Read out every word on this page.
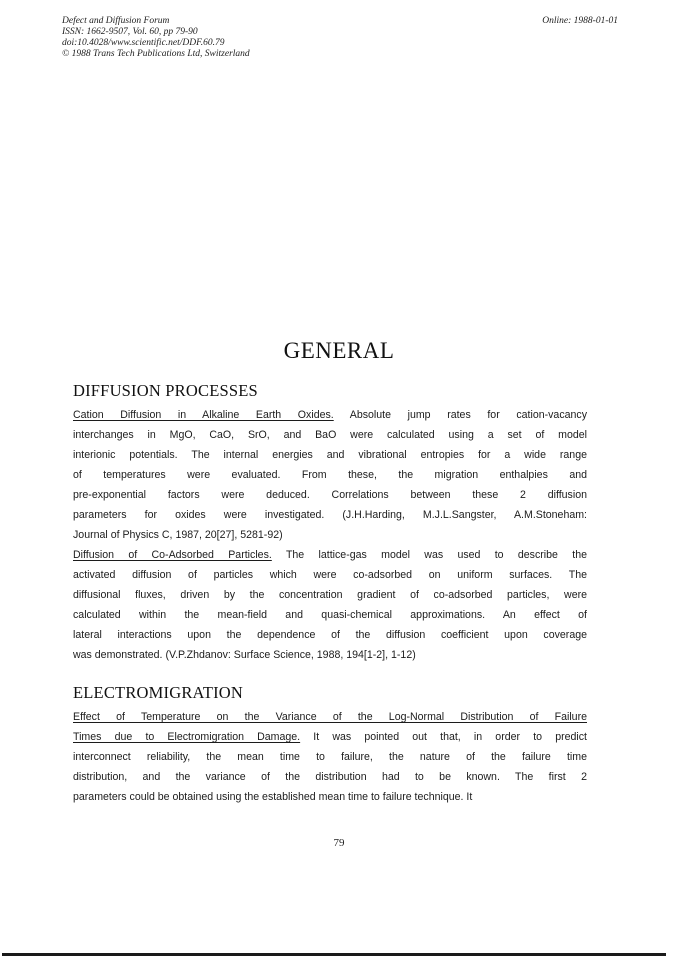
Defect and Diffusion Forum
ISSN: 1662-9507, Vol. 60, pp 79-90
doi:10.4028/www.scientific.net/DDF.60.79
© 1988 Trans Tech Publications Ltd, Switzerland
Online: 1988-01-01
GENERAL
DIFFUSION PROCESSES
Cation Diffusion in Alkaline Earth Oxides. Absolute jump rates for cation-vacancy
interchanges in MgO, CaO, SrO, and BaO were calculated using a set of model
interionic potentials. The internal energies and vibrational entropies for a wide range
of temperatures were evaluated. From these, the migration enthalpies and
pre-exponential factors were deduced. Correlations between these 2 diffusion
parameters for oxides were investigated. (J.H.Harding, M.J.L.Sangster, A.M.Stoneham:
Journal of Physics C, 1987, 20[27], 5281-92)
Diffusion of Co-Adsorbed Particles. The lattice-gas model was used to describe the
activated diffusion of particles which were co-adsorbed on uniform surfaces. The
diffusional fluxes, driven by the concentration gradient of co-adsorbed particles, were
calculated within the mean-field and quasi-chemical approximations. An effect of
lateral interactions upon the dependence of the diffusion coefficient upon coverage
was demonstrated. (V.P.Zhdanov: Surface Science, 1988, 194[1-2], 1-12)
ELECTROMIGRATION
Effect of Temperature on the Variance of the Log-Normal Distribution of Failure
Times due to Electromigration Damage. It was pointed out that, in order to predict
interconnect reliability, the mean time to failure, the nature of the failure time
distribution, and the variance of the distribution had to be known. The first 2
parameters could be obtained using the established mean time to failure technique. It
79
